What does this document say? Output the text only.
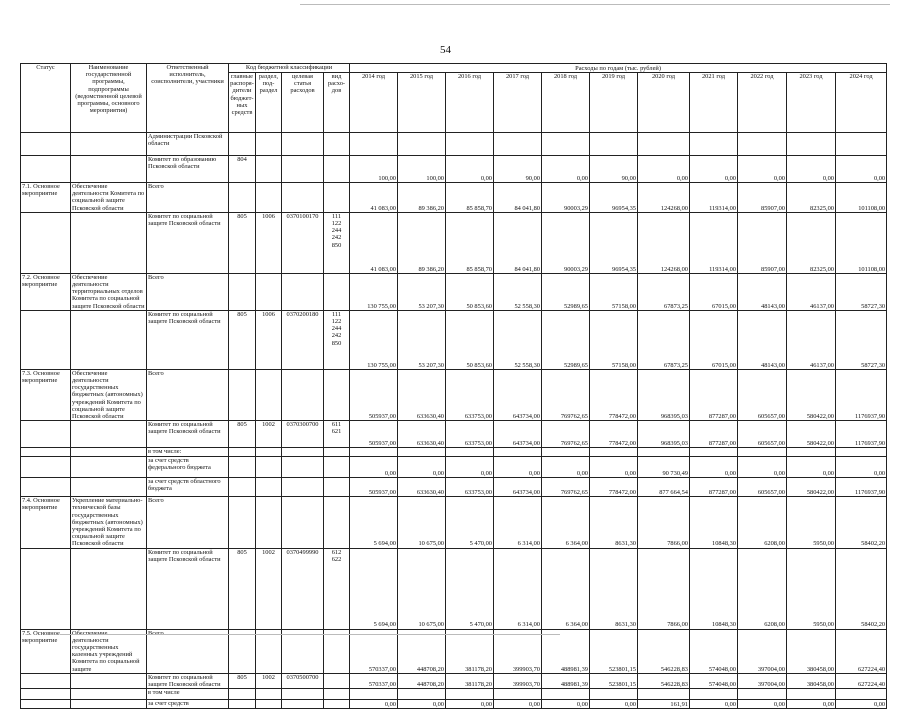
54
Статус	Наименование государственной программы, подпрограммы (ведомственной целевой программы, основного мероприятия)	Ответственный исполнитель, соисполнители, участники	Код бюджетной классификации				Расходы по годам (тыс. рублей)										
			главные распоря-дители бюджет-ных средств	раздел, под-раздел	целевая статья расходов	вид расхо-дов	2014 год	2015 год	2016 год	2017 год	2018 год	2019 год	2020 год	2021 год	2022 год	2023 год	2024 год
		Администрации Псковской области															
		Комитет по образованию Псковской области	804				100,00	100,00	0,00	90,00	0,00	90,00	0,00	0,00	0,00	0,00	0,00
7.1. Основное мероприятие	Обеспечение деятельности Комитета по социальной защите Псковской области	Всего					41 083,00	89 386,20	85 858,70	84 041,80	90003,29	96954,35	124268,00	119314,00	85907,00	82325,00	101108,00
		Комитет по социальной защите Псковской области	805	1006	0370100170	111
122
244
242
850	41 083,00	89 386,20	85 858,70	84 041,80	90003,29	96954,35	124268,00	119314,00	85907,00	82325,00	101108,00
7.2. Основное мероприятие	Обеспечение деятельности территориальных отделов Комитета по социальной защите Псковской области	Всего					130 755,00	53 207,30	50 853,60	52 558,30	52989,65	57158,00	67873,25	67015,00	48143,00	46137,00	58727,30
		Комитет по социальной защите Псковской области	805	1006	0370200180	111
122
244
242
850	130 755,00	53 207,30	50 853,60	52 558,30	52989,65	57158,00	67873,25	67015,00	48143,00	46137,00	58727,30
7.3. Основное мероприятие	Обеспечение деятельности государственных бюджетных (автономных) учреждений Комитета по социальной защите Псковской области	Всего					505937,00	633630,40	633753,00	643734,00	769762,65	778472,00	968395,03	877287,00	605657,00	580422,00	1176937,90
		Комитет по социальной защите Псковской области	805	1002	0370300700	611
621	505937,00	633630,40	633753,00	643734,00	769762,65	778472,00	968395,03	877287,00	605657,00	580422,00	1176937,90
		в том числе:															
		за счет средств федерального бюджета					0,00	0,00	0,00	0,00	0,00	0,00	90 730,49	0,00	0,00	0,00	0,00
		за счет средств областного бюджета					505937,00	633630,40	633753,00	643734,00	769762,65	778472,00	877 664,54	877287,00	605657,00	580422,00	1176937,90
7.4. Основное мероприятие	Укрепление материально-технической базы государственных бюджетных (автономных) учреждений Комитета по социальной защите Псковской области	Всего					5 694,00	10 675,00	5 470,00	6 314,00	6 364,00	8631,30	7866,00	10848,30	6208,00	5950,00	58402,20
		Комитет по социальной защите Псковской области	805	1002	0370499990	612
622	5 694,00	10 675,00	5 470,00	6 314,00	6 364,00	8631,30	7866,00	10848,30	6208,00	5950,00	58402,20
7.5. Основное мероприятие	деятельности государственных казенных учреждений Комитета по социальной защите						570337,00	448708,20	381178,20	399903,70	488981,39	523801,15	546228,83	574048,00	397004,00	380458,00	627224,40
		Комитет по социальной защите Псковской области	805	1002	0370500700		570337,00	448708,20	381178,20	399903,70	488981,39	523801,15	546228,83	574048,00	397004,00	380458,00	627224,40
		в том числе															
		за счет средств					0,00	0,00	0,00	0,00	0,00	0,00	161,91	0,00	0,00	0,00	0,00
